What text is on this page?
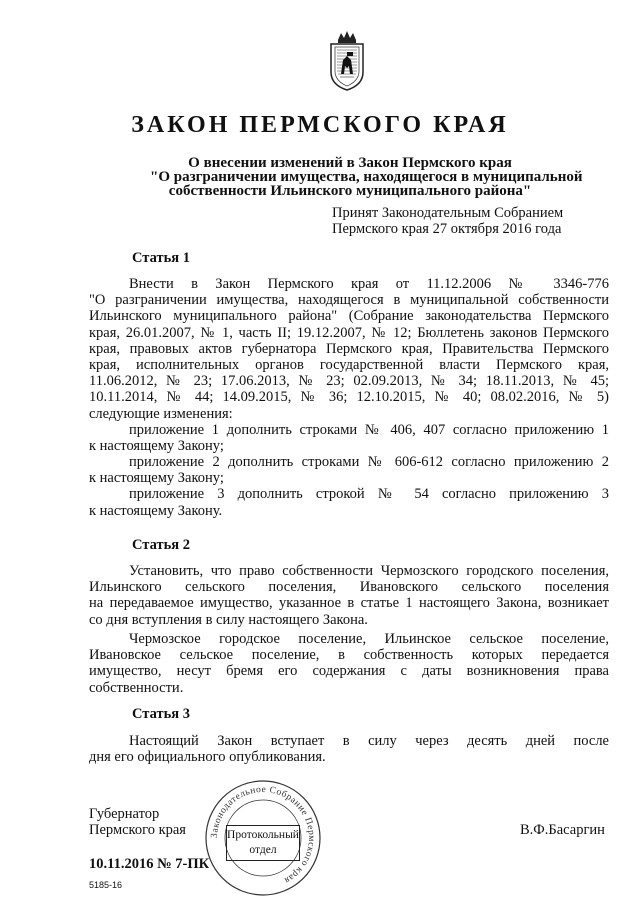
ЗАКОН ПЕРМСКОГО КРАЯ
О внесении изменений в Закон Пермского края
"О разграничении имущества, находящегося в муниципальной
собственности Ильинского муниципального района"
Принят Законодательным Собранием
Пермского края 27 октября 2016 года
Статья 1
Внести в Закон Пермского края от 11.12.2006 № 3346-776
"О разграничении имущества, находящегося в муниципальной собственности
Ильинского муниципального района" (Собрание законодательства Пермского
края, 26.01.2007, № 1, часть II; 19.12.2007, № 12; Бюллетень законов Пермского
края, правовых актов губернатора Пермского края, Правительства Пермского
края, исполнительных органов государственной власти Пермского края,
11.06.2012, № 23; 17.06.2013, № 23; 02.09.2013, № 34; 18.11.2013, № 45;
10.11.2014, № 44; 14.09.2015, № 36; 12.10.2015, № 40; 08.02.2016, № 5)
следующие изменения:
приложение 1 дополнить строками № 406, 407 согласно приложению 1
к настоящему Закону;
приложение 2 дополнить строками № 606-612 согласно приложению 2
к настоящему Закону;
приложение 3 дополнить строкой № 54 согласно приложению 3
к настоящему Закону.
Статья 2
Установить, что право собственности Чермозского городского поселения,
Ильинского сельского поселения, Ивановского сельского поселения
на передаваемое имущество, указанное в статье 1 настоящего Закона, возникает
со дня вступления в силу настоящего Закона.
Чермозское городское поселение, Ильинское сельское поселение,
Ивановское сельское поселение, в собственность которых передается
имущество, несут бремя его содержания с даты возникновения права
собственности.
Статья 3
Настоящий Закон вступает в силу через десять дней после
дня его официального опубликования.
Губернатор
Пермского края	В.Ф.Басаргин
10.11.2016 № 7-ПК
5185-16
Законодательное Собрание Пермского края
Протокольный
отдел
